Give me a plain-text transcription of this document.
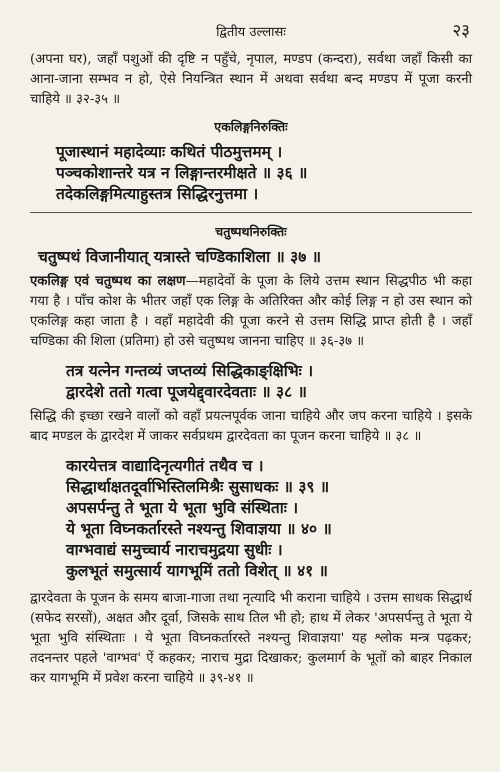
द्वितीय उल्लासः	२३

(अपना घर), जहाँ पशुओं की दृष्टि न पहुँचे, नृपाल, मण्डप (कन्दरा), सर्वथा जहाँ किसी का आना-जाना सम्भव न हो, ऐसे नियन्त्रित स्थान में अथवा सर्वथा बन्द मण्डप में पूजा करनी चाहिये ॥ ३२-३५ ॥

एकलिङ्गनिरुक्तिः
पूजास्थानं महादेव्याः कथितं पीठमुत्तमम् ।
पञ्चकोशान्तरे यत्र न लिङ्गान्तरमीक्षते ॥ ३६ ॥
तदेकलिङ्गमित्याहुस्तत्र सिद्धिरनुत्तमा ।
चतुष्पथनिरुक्तिः
चतुष्पथं विजानीयात् यत्रास्ते चण्डिकाशिला ॥ ३७ ॥

एकलिङ्ग एवं चतुष्पथ का लक्षण—महादेवों के पूजा के लिये उत्तम स्थान सिद्धपीठ भी कहा गया है । पाँच कोश के भीतर जहाँ एक लिङ्ग के अतिरिक्त और कोई लिङ्ग न हो उस स्थान को एकलिङ्ग कहा जाता है । वहाँ महादेवी की पूजा करने से उत्तम सिद्धि प्राप्त होती है । जहाँ चण्डिका की शिला (प्रतिमा) हो उसे चतुष्पथ जानना चाहिए ॥ ३६-३७ ॥

तत्र यत्नेन गन्तव्यं जप्तव्यं सिद्धिकाङ्क्षिभिः ।
द्वारदेशे ततो गत्वा पूजयेद्द्वारदेवताः ॥ ३८ ॥

सिद्धि की इच्छा रखने वालों को वहाँ प्रयत्नपूर्वक जाना चाहिये और जप करना चाहिये । इसके बाद मण्डल के द्वारदेश में जाकर सर्वप्रथम द्वारदेवता का पूजन करना चाहिये ॥ ३८ ॥

कारयेत्तत्र वाद्यादिनृत्यगीतं तथैव च ।
सिद्धार्थाक्षतदूर्वाभिस्तिलमिश्रैः सुसाधकः ॥ ३९ ॥
अपसर्पन्तु ते भूता ये भूता भुवि संस्थिताः ।
ये भूता विघ्नकर्तारस्ते नश्यन्तु शिवाज्ञया ॥ ४० ॥
वाग्भवाद्यं समुच्चार्य नाराचमुद्रया सुधीः ।
कुलभूतं समुत्सार्य यागभूमिं ततो विशेत् ॥ ४१ ॥

द्वारदेवता के पूजन के समय बाजा-गाजा तथा नृत्यादि भी कराना चाहिये । उत्तम साधक सिद्धार्थ (सफेद सरसों), अक्षत और दूर्वा, जिसके साथ तिल भी हो; हाथ में लेकर 'अपसर्पन्तु ते भूता ये भूता भुवि संस्थिताः । ये भूता विघ्नकर्तारस्ते नश्यन्तु शिवाज्ञया' यह श्लोक मन्त्र पढ़कर; तदनन्तर पहले 'वाग्भव' ऐं कहकर; नाराच मुद्रा दिखाकर; कुलमार्ग के भूतों को बाहर निकाल कर यागभूमि में प्रवेश करना चाहिये ॥ ३९-४१ ॥
